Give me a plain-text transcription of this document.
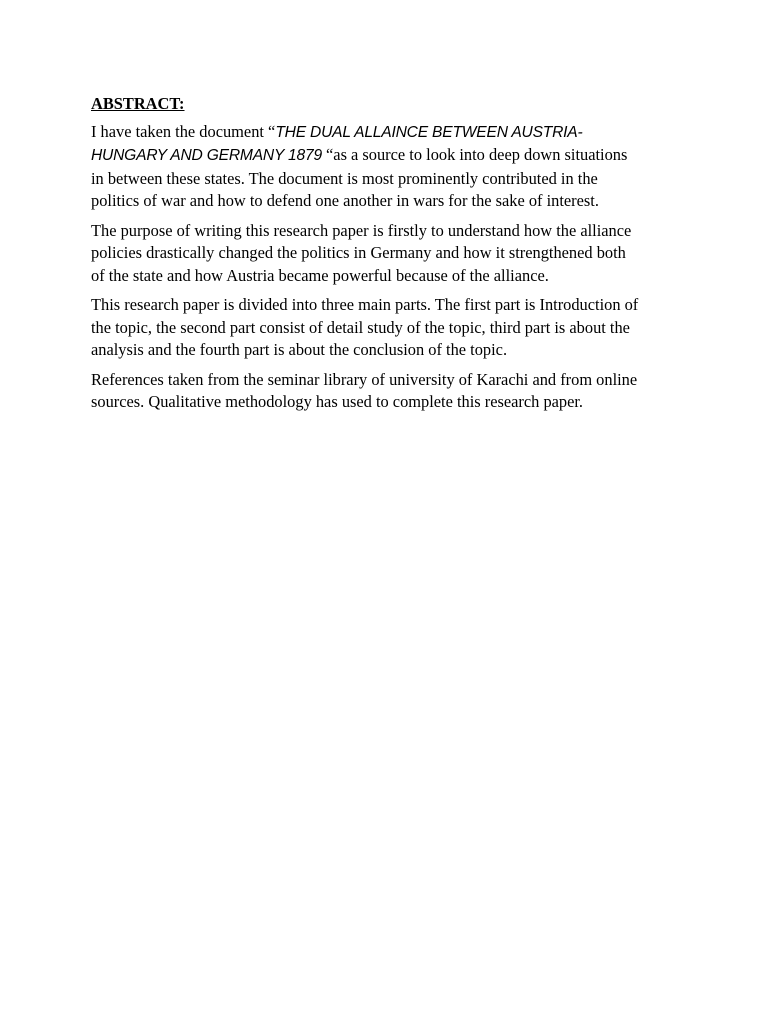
ABSTRACT:
I have taken the document “THE DUAL ALLAINCE BETWEEN AUSTRIA-
HUNGARY AND GERMANY 1879 “as a source to look into deep down situations
in between these states. The document is most prominently contributed in the
politics of war and how to defend one another in wars for the sake of interest.
The purpose of writing this research paper is firstly to understand how the alliance
policies drastically changed the politics in Germany and how it strengthened both
of the state and how Austria became powerful because of the alliance.
This research paper is divided into three main parts. The first part is Introduction of
the topic, the second part consist of detail study of the topic, third part is about the
analysis and the fourth part is about the conclusion of the topic.
References taken from the seminar library of university of Karachi and from online
sources. Qualitative methodology has used to complete this research paper.
